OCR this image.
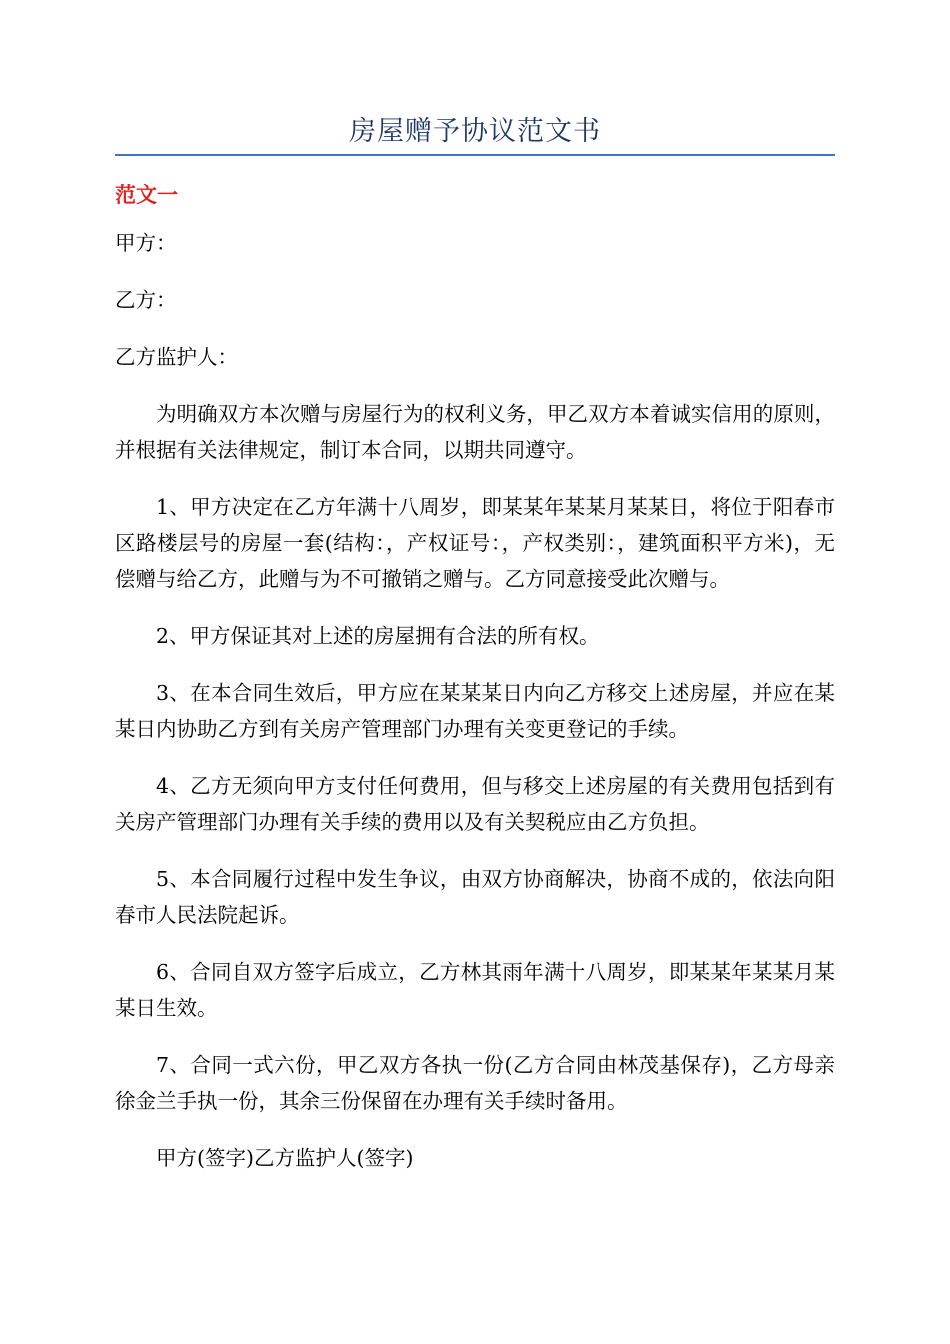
房屋赠予协议范文书
范文一

甲方：

乙方：

乙方监护人：

为明确双方本次赠与房屋行为的权利义务，甲乙双方本着诚实信用的原则，并根据有关法律规定，制订本合同，以期共同遵守。

1、甲方决定在乙方年满十八周岁，即某某年某某月某某日，将位于阳春市区路楼层号的房屋一套(结构：，产权证号：，产权类别：，建筑面积平方米)，无偿赠与给乙方，此赠与为不可撤销之赠与。乙方同意接受此次赠与。

2、甲方保证其对上述的房屋拥有合法的所有权。

3、在本合同生效后，甲方应在某某某日内向乙方移交上述房屋，并应在某某日内协助乙方到有关房产管理部门办理有关变更登记的手续。

4、乙方无须向甲方支付任何费用，但与移交上述房屋的有关费用包括到有关房产管理部门办理有关手续的费用以及有关契税应由乙方负担。

5、本合同履行过程中发生争议，由双方协商解决，协商不成的，依法向阳春市人民法院起诉。

6、合同自双方签字后成立，乙方林其雨年满十八周岁，即某某年某某月某某日生效。

7、合同一式六份，甲乙双方各执一份(乙方合同由林茂基保存)，乙方母亲徐金兰手执一份，其余三份保留在办理有关手续时备用。

甲方(签字)乙方监护人(签字)
